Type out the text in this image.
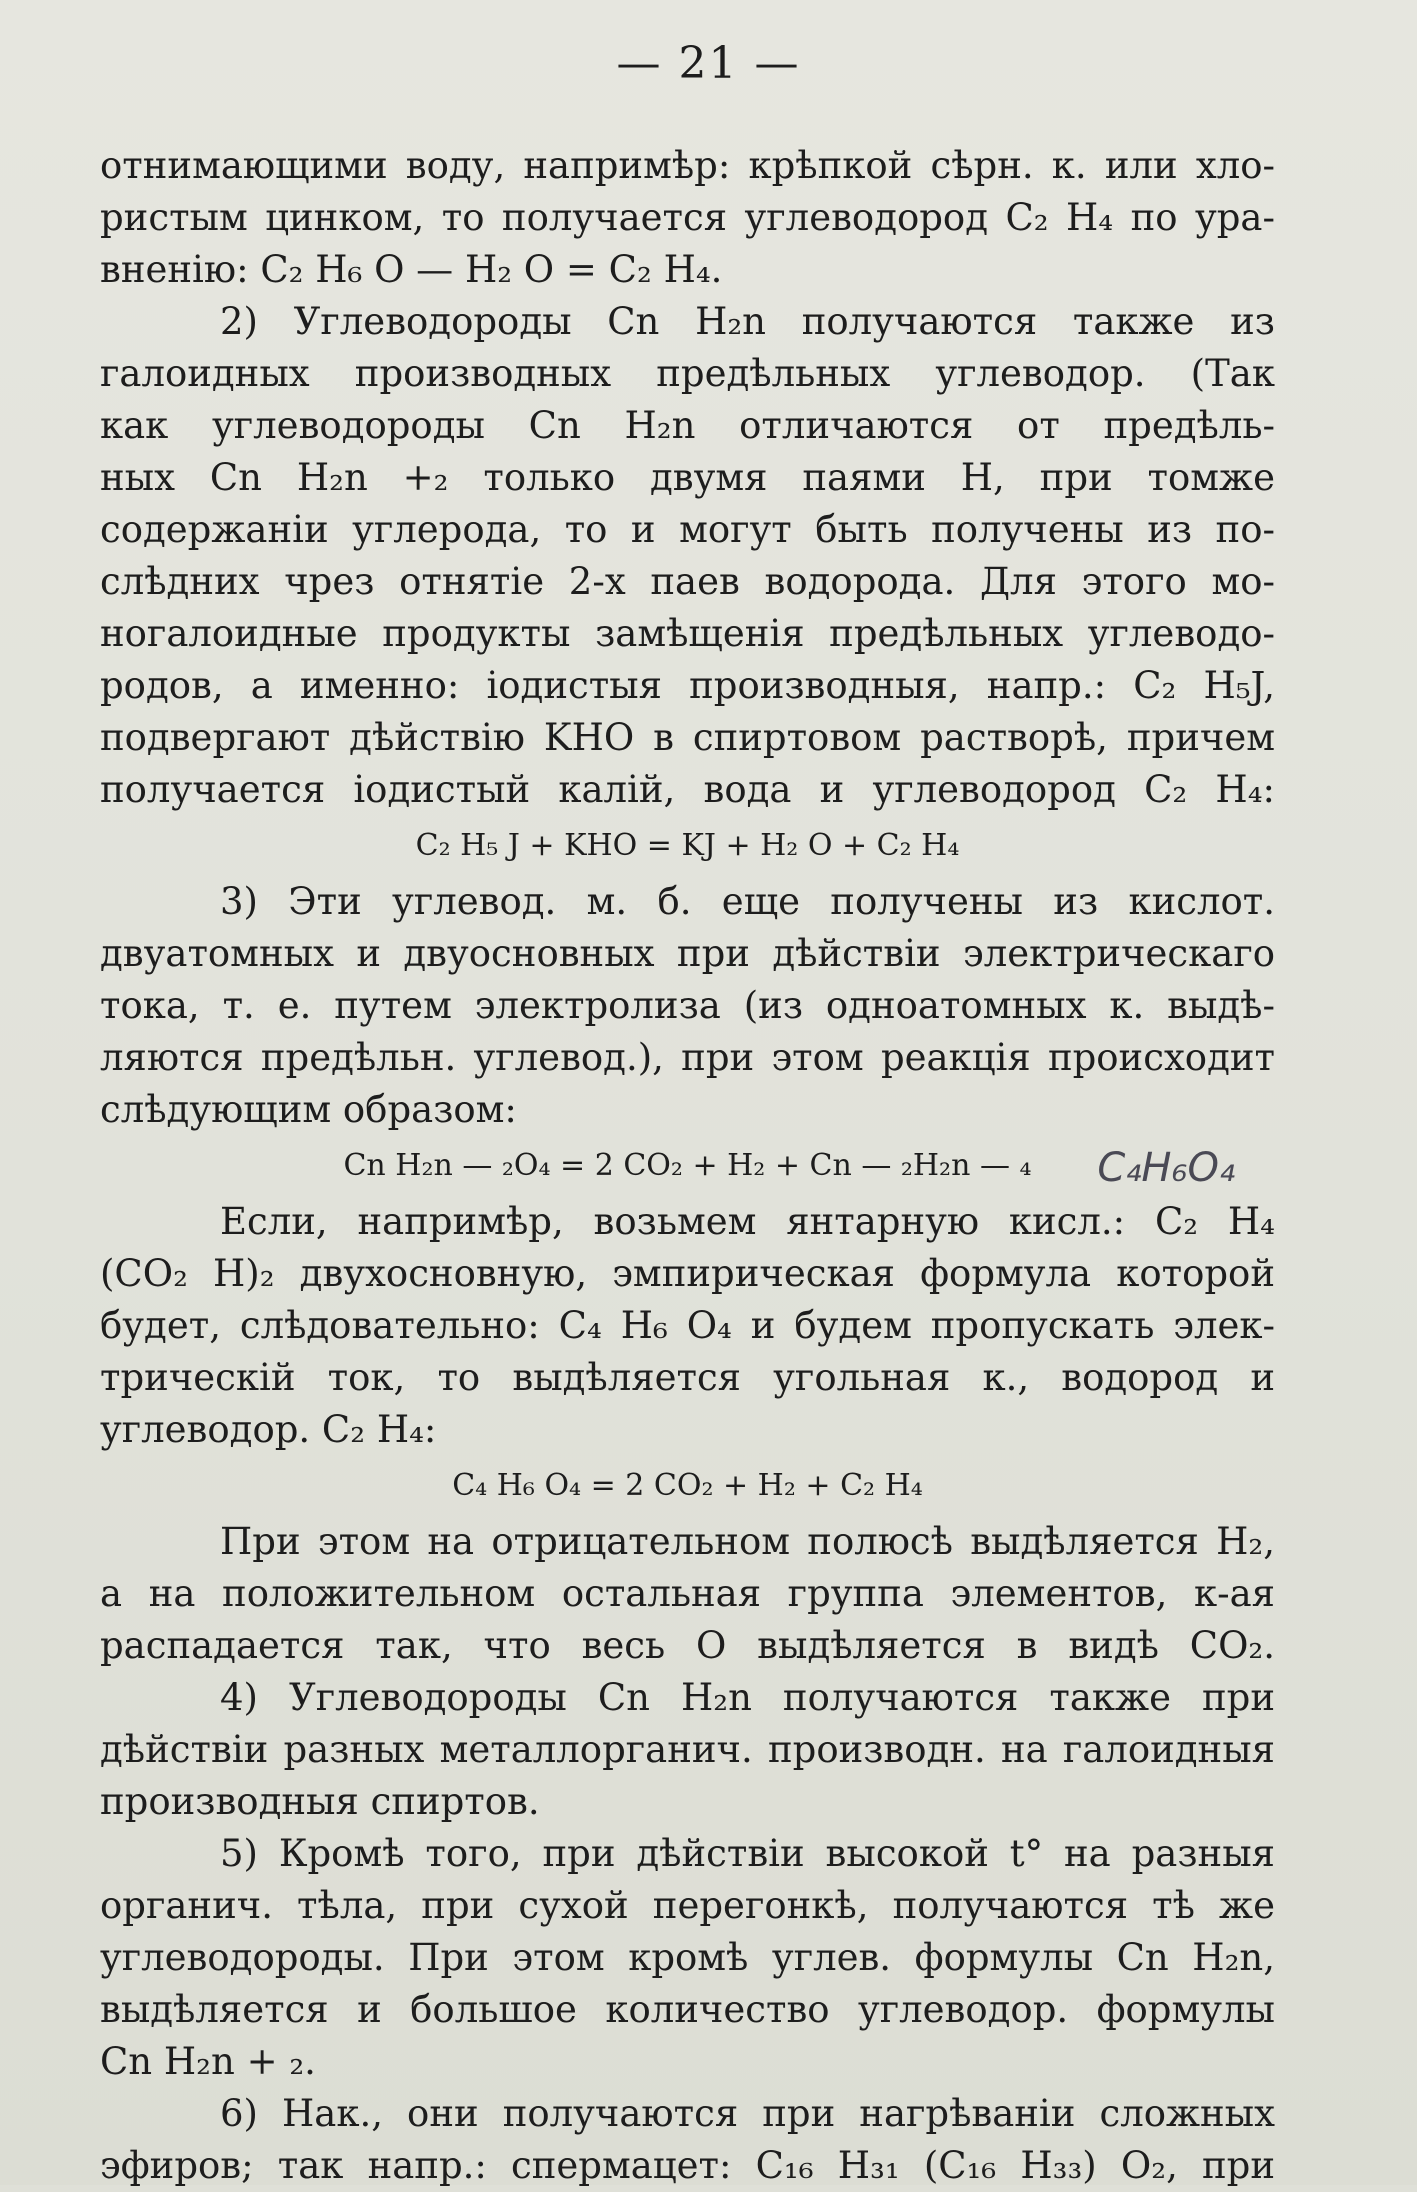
— 21 —
отнимающими воду, напримѣр: крѣпкой сѣрн. к. или хло-
ристым цинком, то получается углеводород C₂ H₄ по ура-
вненію: C₂ H₆ O — H₂ O = C₂ H₄.
2) Углеводороды Cn H₂n получаются также из
галоидных производных предѣльных углеводор. (Так
как углеводороды Cn H₂n отличаются от предѣль-
ных Cn H₂n +₂ только двумя паями H, при томже
содержаніи углерода, то и могут быть получены из по-
слѣдних чрез отнятіе 2-х паев водорода. Для этого мо-
ногалоидные продукты замѣщенія предѣльных углеводо-
родов, а именно: іодистыя производныя, напр.: C₂ H₅J,
подвергают дѣйствію KHO в спиртовом растворѣ, причем
получается іодистый калій, вода и углеводород C₂ H₄:
C₂ H₅ J + KHO = KJ + H₂ O + C₂ H₄
3) Эти углевод. м. б. еще получены из кислот.
двуатомных и двуосновных при дѣйствіи электрическаго
тока, т. е. путем электролиза (из одноатомных к. выдѣ-
ляются предѣльн. углевод.), при этом реакція происходит
слѣдующим образом:
Cn H₂n — ₂O₄ = 2 CO₂ + H₂ + Cn — ₂H₂n — ₄ C₄H₆O₄
Если, напримѣр, возьмем янтарную кисл.: C₂ H₄
(CO₂ H)₂ двухосновную, эмпирическая формула которой
будет, слѣдовательно: C₄ H₆ O₄ и будем пропускать элек-
трическій ток, то выдѣляется угольная к., водород и
углеводор. C₂ H₄:
C₄ H₆ O₄ = 2 CO₂ + H₂ + C₂ H₄
При этом на отрицательном полюсѣ выдѣляется H₂,
а на положительном остальная группа элементов, к-ая
распадается так, что весь O выдѣляется в видѣ CO₂.
4) Углеводороды Cn H₂n получаются также при
дѣйствіи разных металлорганич. производн. на галоидныя
производныя спиртов.
5) Кромѣ того, при дѣйствіи высокой t° на разныя
органич. тѣла, при сухой перегонкѣ, получаются тѣ же
углеводороды. При этом кромѣ углев. формулы Cn H₂n,
выдѣляется и большое количество углеводор. формулы
Cn H₂n + ₂.
6) Нак., они получаются при нагрѣваніи сложных
эфиров; так напр.: спермацет: C₁₆ H₃₁ (C₁₆ H₃₃) O₂, при
